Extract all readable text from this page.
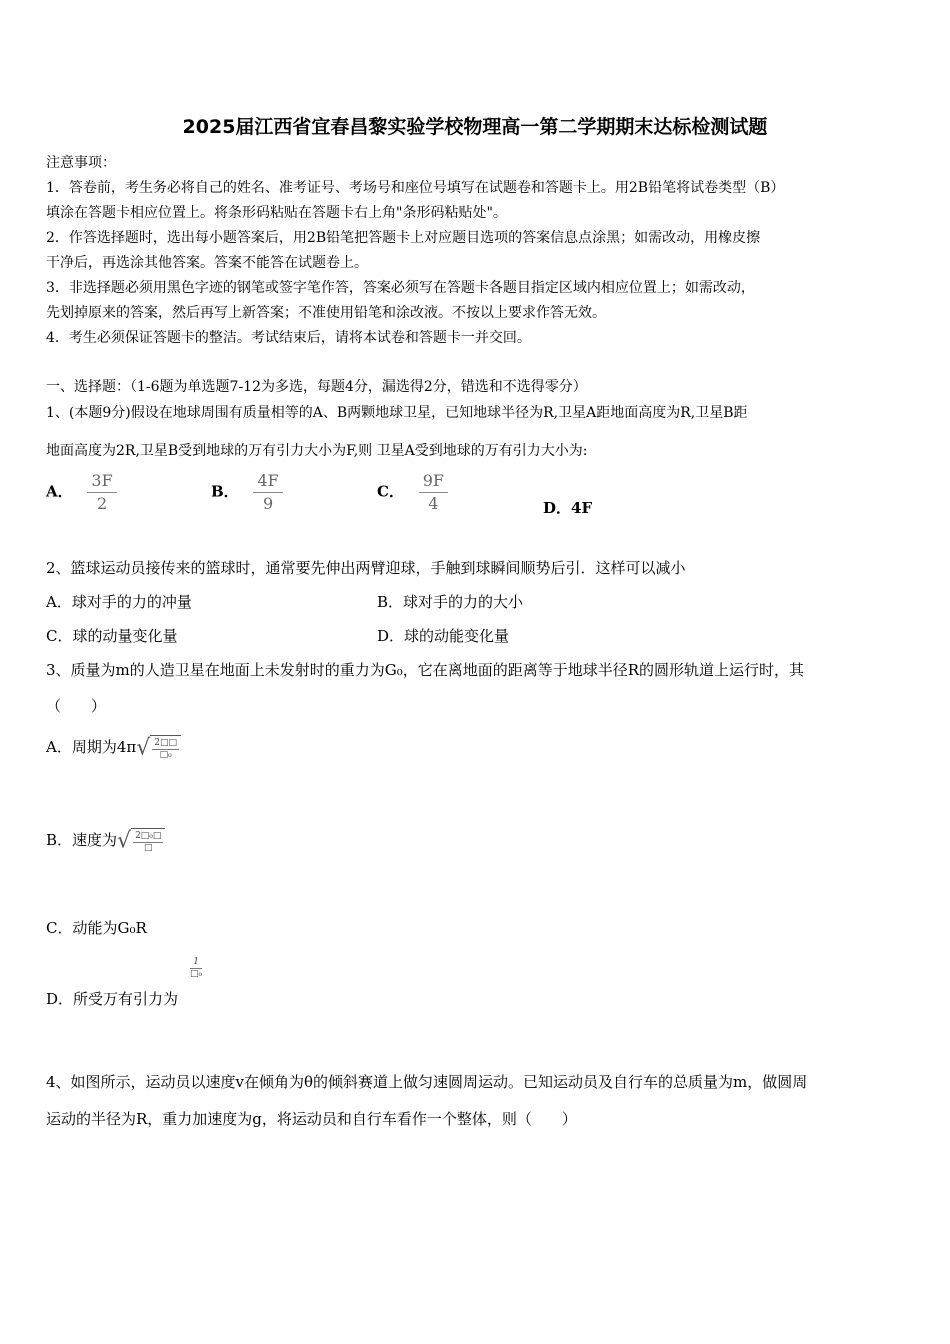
2025届江西省宜春昌黎实验学校物理高一第二学期期末达标检测试题
注意事项：
1．答卷前，考生务必将自己的姓名、准考证号、考场号和座位号填写在试题卷和答题卡上。用2B铅笔将试卷类型（B）
填涂在答题卡相应位置上。将条形码粘贴在答题卡右上角"条形码粘贴处"。
2．作答选择题时，选出每小题答案后，用2B铅笔把答题卡上对应题目选项的答案信息点涂黑；如需改动，用橡皮擦
干净后，再选涂其他答案。答案不能答在试题卷上。
3．非选择题必须用黑色字迹的钢笔或签字笔作答，答案必须写在答题卡各题目指定区域内相应位置上；如需改动，
先划掉原来的答案，然后再写上新答案；不准使用铅笔和涂改液。不按以上要求作答无效。
4．考生必须保证答题卡的整洁。考试结束后，请将本试卷和答题卡一并交回。
一、选择题：（1-6题为单选题7-12为多选，每题4分，漏选得2分，错选和不选得零分）
1、(本题9分)假设在地球周围有质量相等的A、B两颗地球卫星，已知地球半径为R,卫星A距地面高度为R,卫星B距
地面高度为2R,卫星B受到地球的万有引力大小为F,则 卫星A受到地球的万有引力大小为:
A． $\frac{3F}{2}$	B． $\frac{4F}{9}$	C． $\frac{9F}{4}$	D．4F
2、篮球运动员接传来的篮球时，通常要先伸出两臂迎球，手触到球瞬间顺势后引．这样可以减小
A．球对手的力的冲量	B．球对手的力的大小
C．球的动量变化量	D．球的动能变化量
3、质量为m的人造卫星在地面上未发射时的重力为G₀，它在离地面的距离等于地球半径R的圆形轨道上运行时，其
（　　）
A．周期为$4\pi√ \frac{2□□}{\text{□₀}}$
B．速度为√ $\frac{\text{2□₀□}}{□}$
C．动能为G₀R
D．所受万有引力为
$\frac{1}{\text{□₀}}$
4、如图所示，运动员以速度v在倾角为θ的倾斜赛道上做匀速圆周运动。已知运动员及自行车的总质量为m，做圆周
运动的半径为R，重力加速度为g，将运动员和自行车看作一个整体，则（　　）
